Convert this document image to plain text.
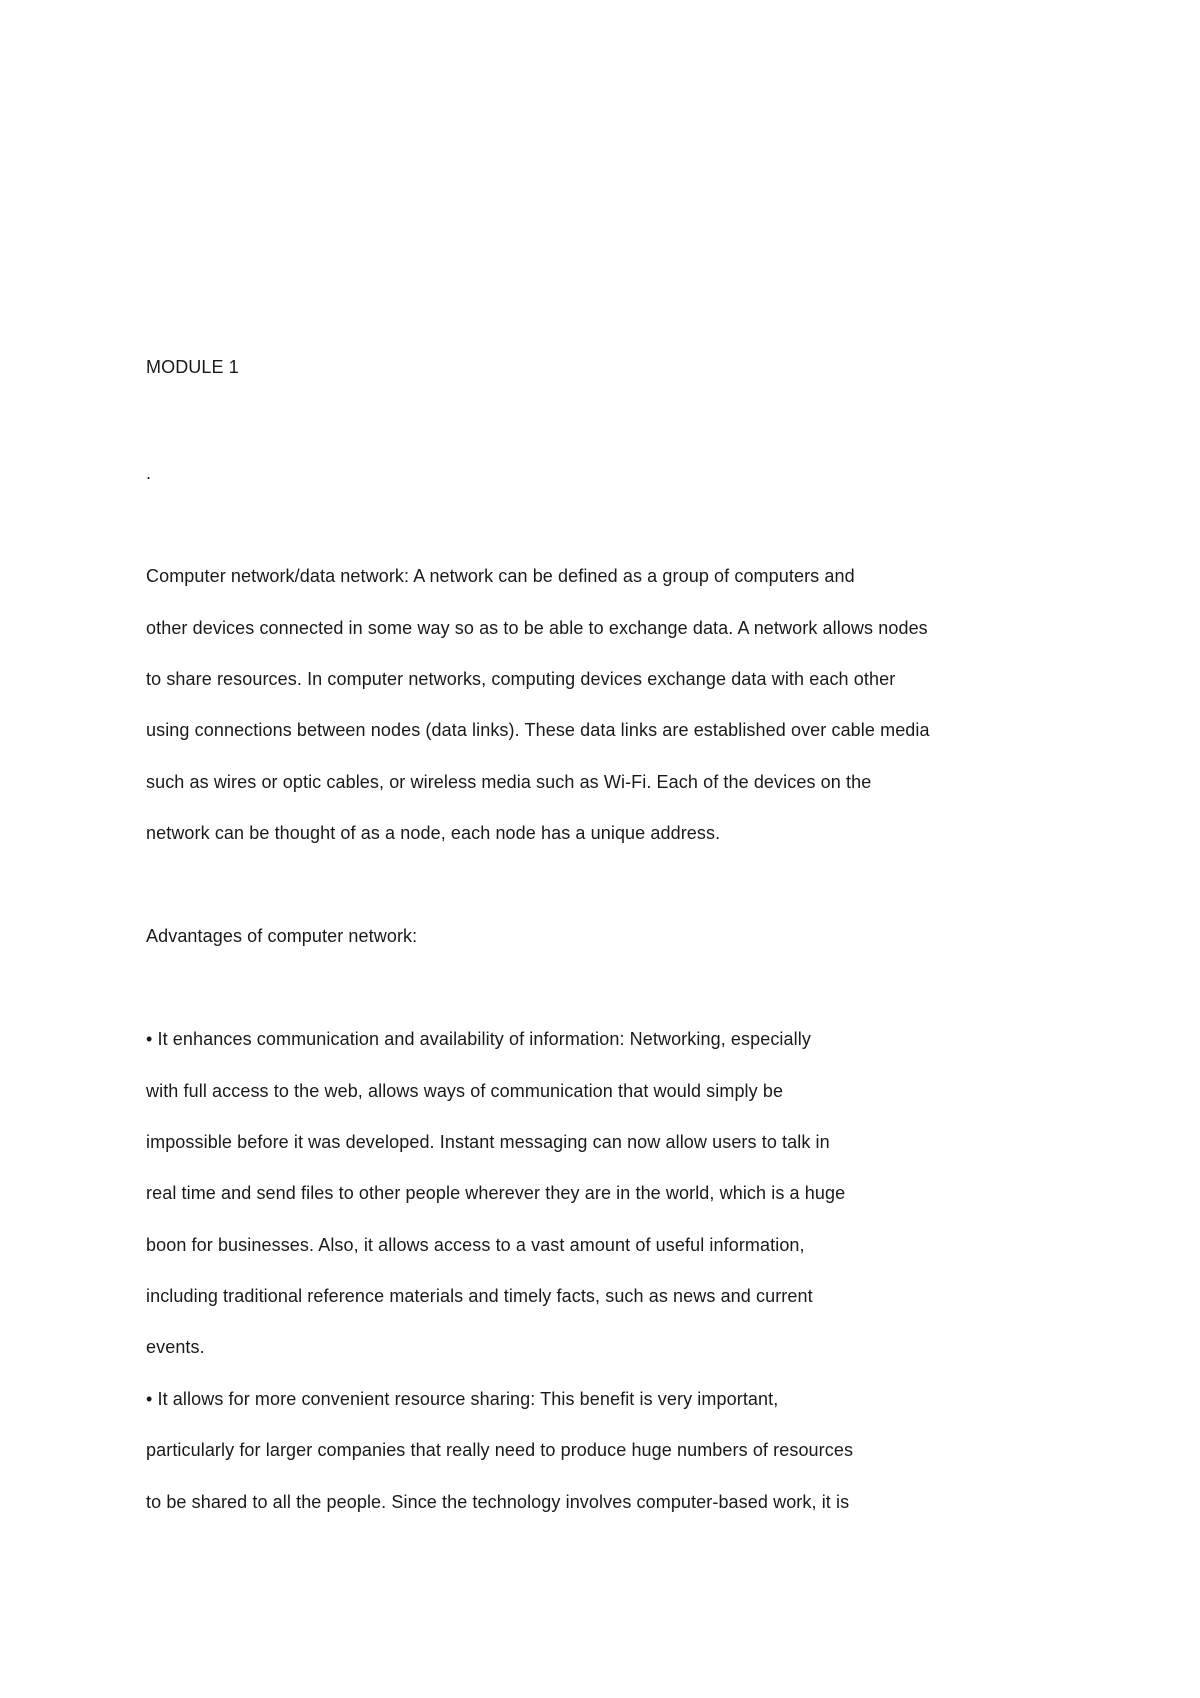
MODULE 1
.
Computer network/data network: A network can be defined as a group of computers and
other devices connected in some way so as to be able to exchange data. A network allows nodes
to share resources. In computer networks, computing devices exchange data with each other
using connections between nodes (data links). These data links are established over cable media
such as wires or optic cables, or wireless media such as Wi-Fi. Each of the devices on the
network can be thought of as a node, each node has a unique address.
Advantages of computer network:
• It enhances communication and availability of information: Networking, especially
with full access to the web, allows ways of communication that would simply be
impossible before it was developed. Instant messaging can now allow users to talk in
real time and send files to other people wherever they are in the world, which is a huge
boon for businesses. Also, it allows access to a vast amount of useful information,
including traditional reference materials and timely facts, such as news and current
events.
• It allows for more convenient resource sharing: This benefit is very important,
particularly for larger companies that really need to produce huge numbers of resources
to be shared to all the people. Since the technology involves computer-based work, it is
